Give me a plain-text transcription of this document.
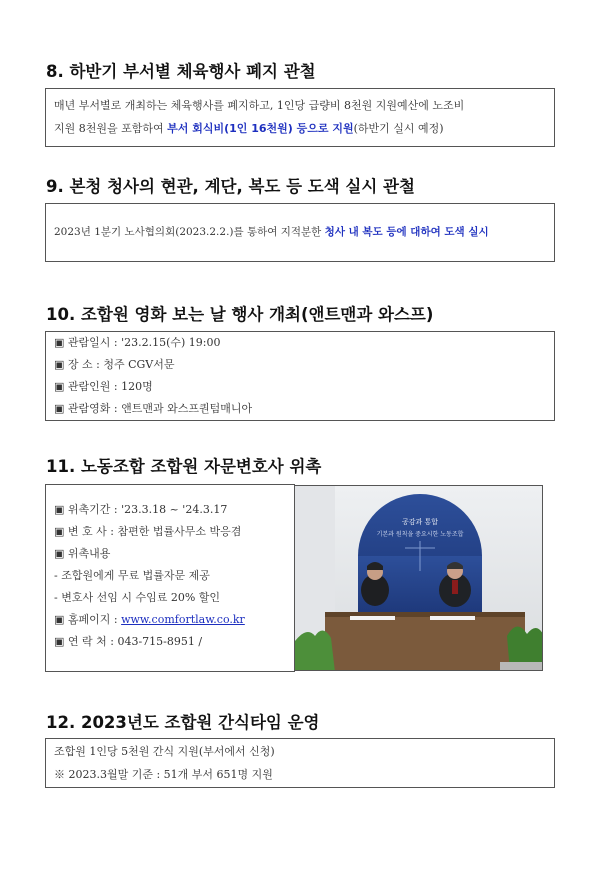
8. 하반기 부서별 체육행사 폐지 관철
매년 부서별로 개최하는 체육행사를 폐지하고, 1인당 급량비 8천원 지원예산에 노조비
지원 8천원을 포함하여 부서 회식비(1인 16천원) 등으로 지원(하반기 실시 예정)
9. 본청 청사의 현관, 계단, 복도 등 도색 실시 관철
2023년 1분기 노사협의회(2023.2.2.)를 통하여 지적분한 청사 내 복도 등에 대하여 도색 실시
10. 조합원 영화 보는 날 행사 개최(앤트맨과 와스프)
▣ 관람일시 : '23.2.15(수) 19:00
▣ 장 소 : 청주 CGV서문
▣ 관람인원 : 120명
▣ 관람영화 : 앤트맨과 와스프퀀텀매니아
11. 노동조합 조합원 자문변호사 위촉
▣ 위촉기간 : '23.3.18 ~ '24.3.17
▣ 변 호 사 : 참편한 법률사무소 박응겸
▣ 위촉내용
- 조합원에게 무료 법률자문 제공
- 변호사 선임 시 수임료 20% 할인
▣ 홈페이지 : www.comfortlaw.co.kr
▣ 연 락 처 : 043-715-8951 /
공감과 통합
기본과 원칙을 중요시한 노동조합
12. 2023년도 조합원 간식타임 운영
조합원 1인당 5천원 간식 지원(부서에서 신청)
※ 2023.3월말 기준 : 51개 부서 651명 지원
